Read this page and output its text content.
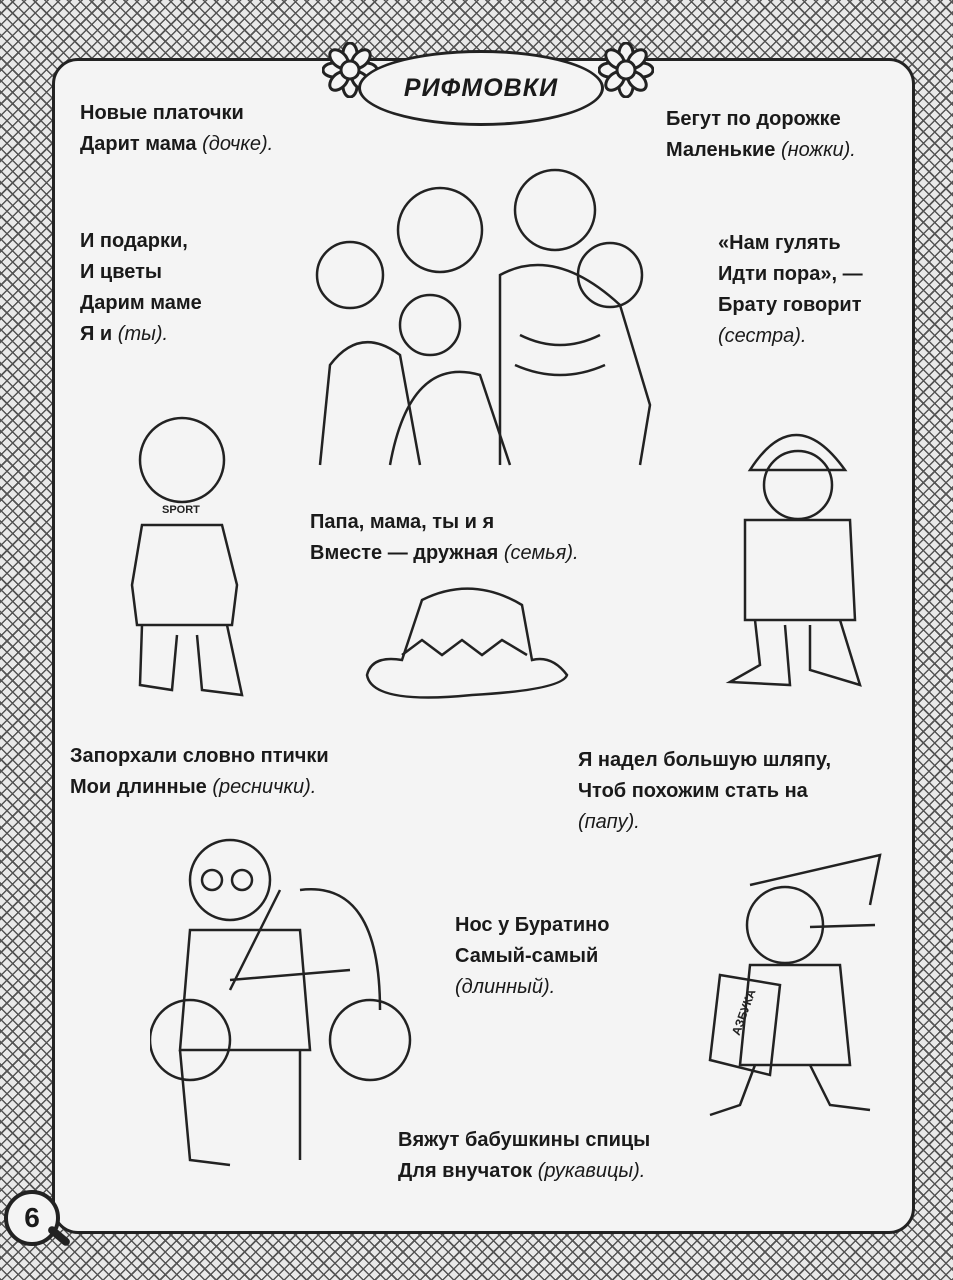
РИФМОВКИ
SPORT
АЗБУКА
Новые платочки
Дарит мама (дочке).
И подарки,
И цветы
Дарим маме
Я и (ты).
Бегут по дорожке
Маленькие (ножки).
«Нам гулять
Идти пора», —
Брату говорит
(сестра).
Папа, мама, ты и я
Вместе — дружная (семья).
Запорхали словно птички
Мои длинные (реснички).
Я надел большую шляпу,
Чтоб похожим стать на
(папу).
Нос у Буратино
Самый-самый
(длинный).
Вяжут бабушкины спицы
Для внучаток (рукавицы).
6
